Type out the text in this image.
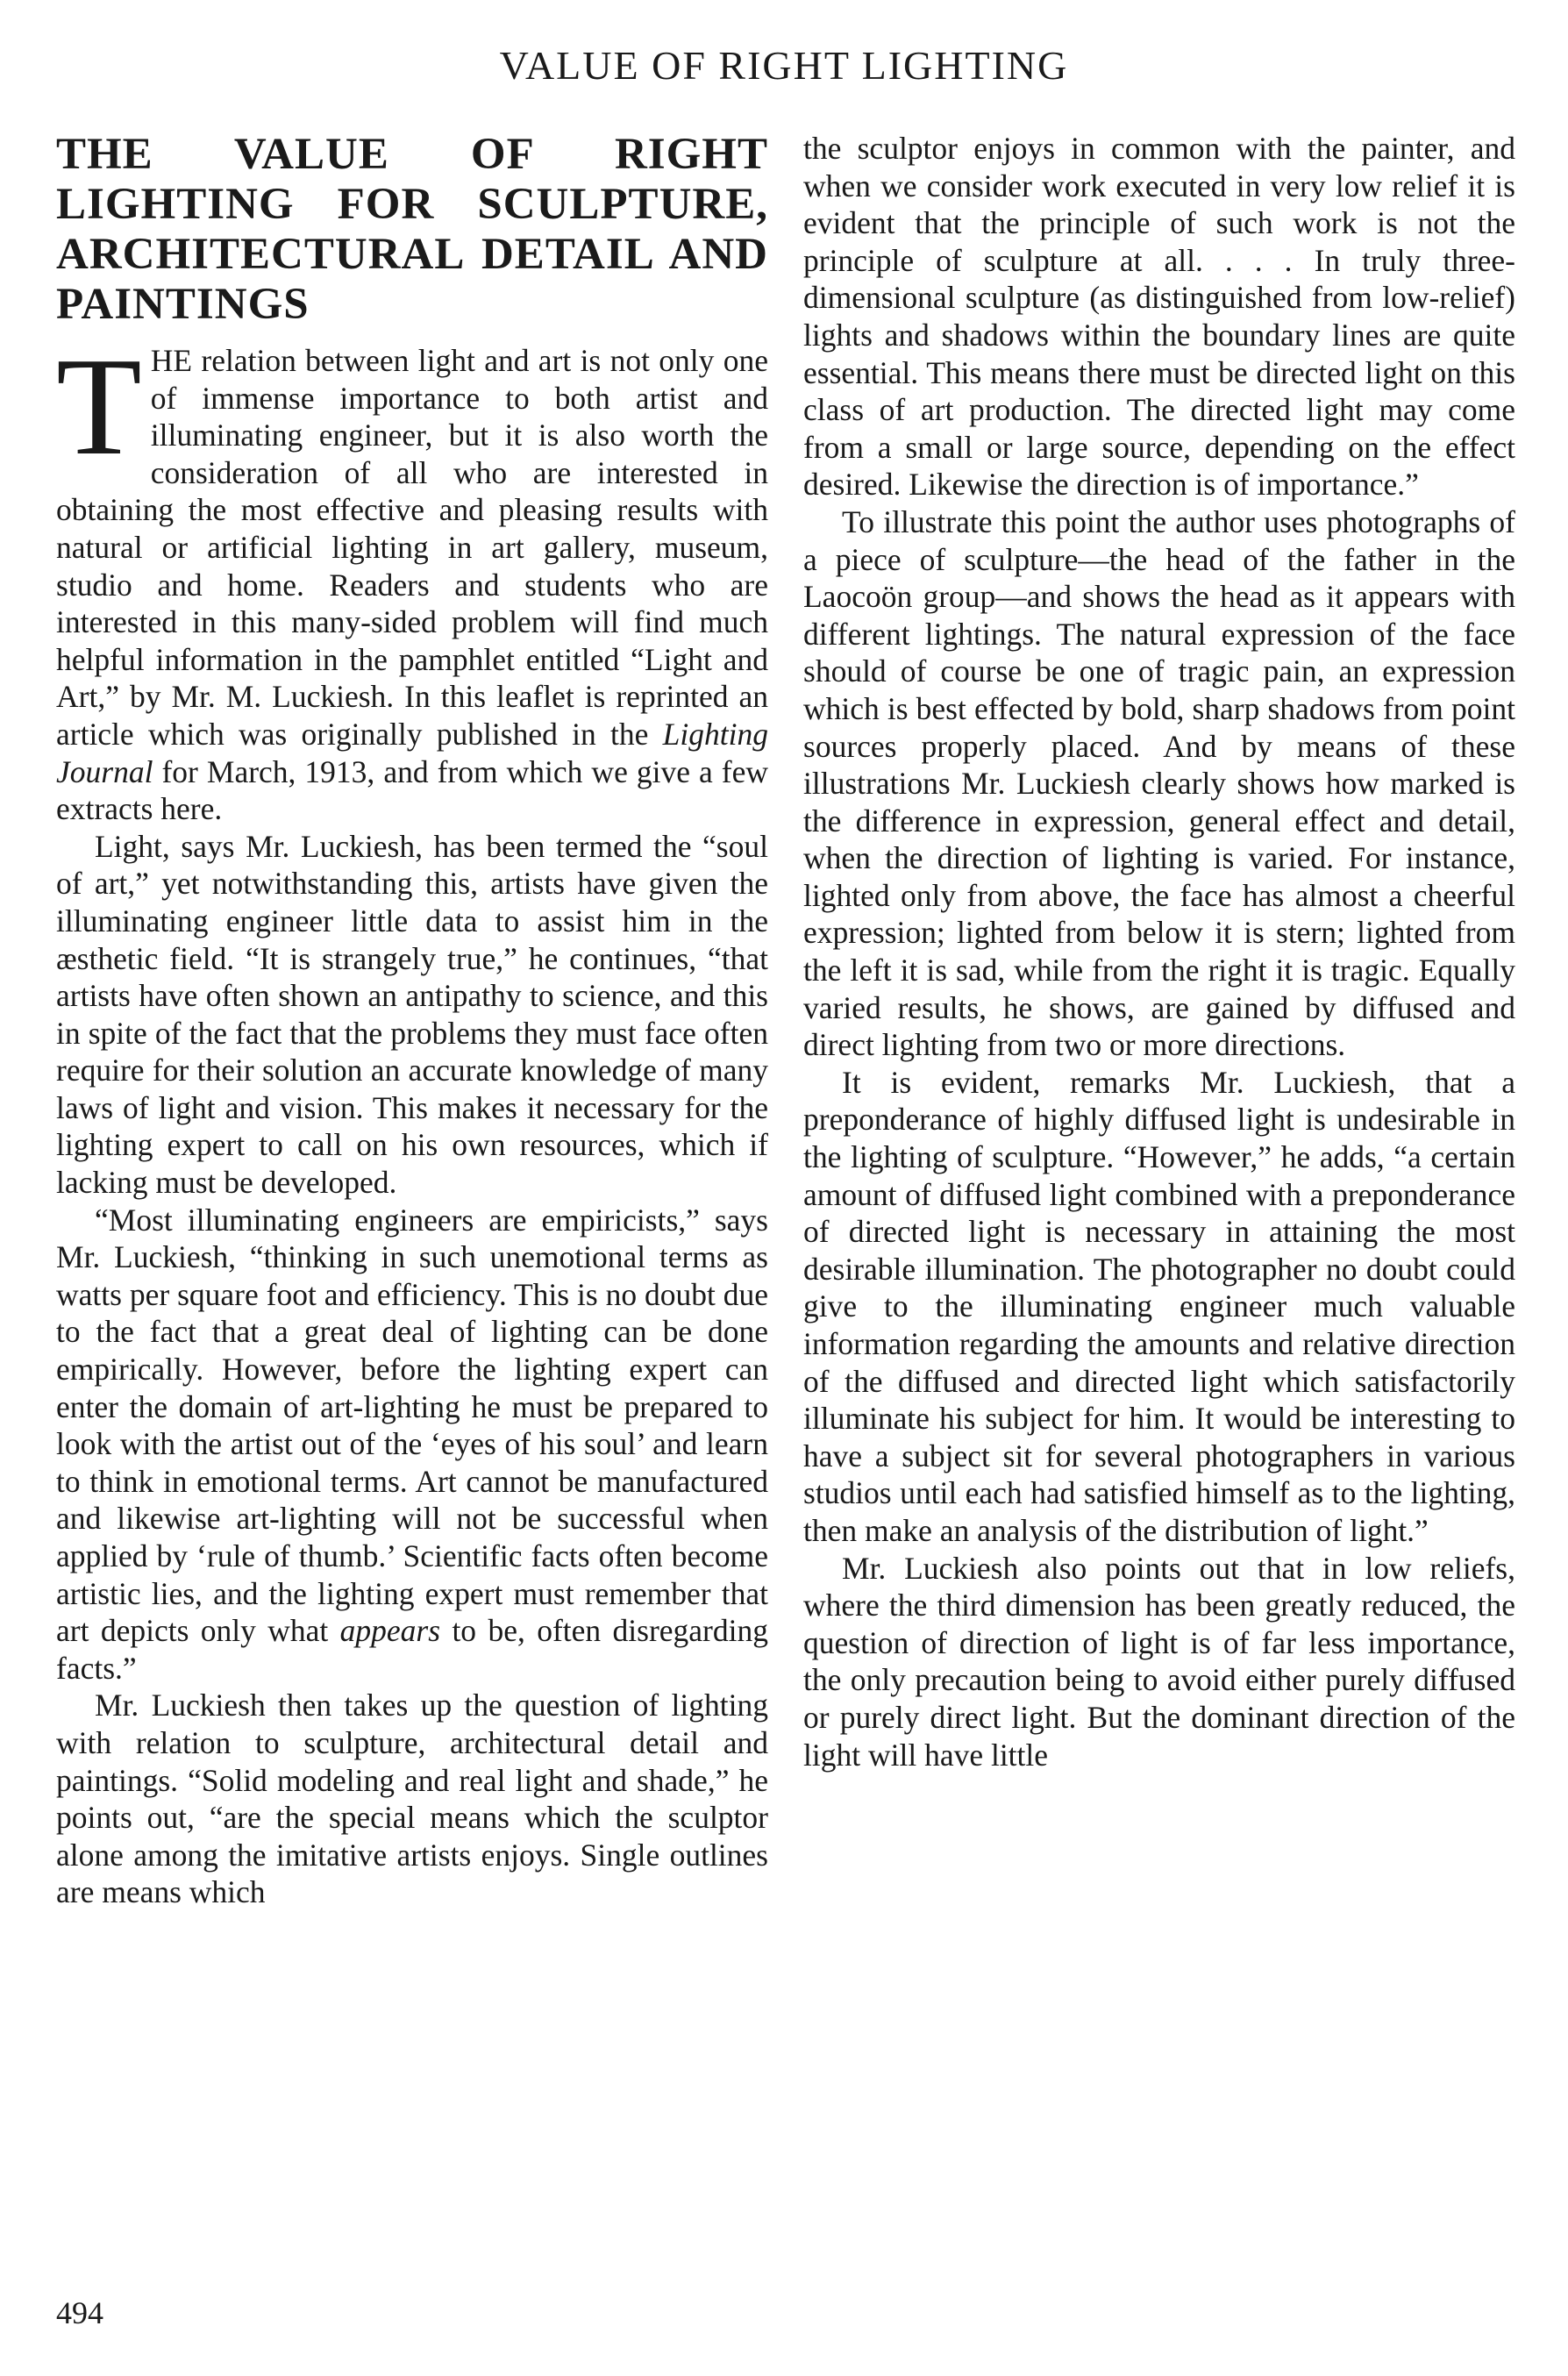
VALUE OF RIGHT LIGHTING
THE VALUE OF RIGHT LIGHTING FOR SCULPTURE, ARCHITECTURAL DETAIL AND PAINTINGS

THE relation between light and art is not only one of immense importance to both artist and illuminating engineer, but it is also worth the consideration of all who are interested in obtaining the most effective and pleasing results with natural or artificial lighting in art gallery, museum, studio and home. Readers and students who are interested in this many-sided problem will find much helpful information in the pamphlet entitled “Light and Art,” by Mr. M. Luckiesh. In this leaflet is reprinted an article which was originally published in the Lighting Journal for March, 1913, and from which we give a few extracts here.

Light, says Mr. Luckiesh, has been termed the “soul of art,” yet notwithstanding this, artists have given the illuminating engineer little data to assist him in the æsthetic field. “It is strangely true,” he continues, “that artists have often shown an antipathy to science, and this in spite of the fact that the problems they must face often require for their solution an accurate knowledge of many laws of light and vision. This makes it necessary for the lighting expert to call on his own resources, which if lacking must be developed.

“Most illuminating engineers are empiricists,” says Mr. Luckiesh, “thinking in such unemotional terms as watts per square foot and efficiency. This is no doubt due to the fact that a great deal of lighting can be done empirically. However, before the lighting expert can enter the domain of art-lighting he must be prepared to look with the artist out of the ‘eyes of his soul’ and learn to think in emotional terms. Art cannot be manufactured and likewise art-lighting will not be successful when applied by ‘rule of thumb.’ Scientific facts often become artistic lies, and the lighting expert must remember that art depicts only what appears to be, often disregarding facts.”

Mr. Luckiesh then takes up the question of lighting with relation to sculpture, architectural detail and paintings. “Solid modeling and real light and shade,” he points out, “are the special means which the sculptor alone among the imitative artists enjoys. Single outlines are means which

the sculptor enjoys in common with the painter, and when we consider work executed in very low relief it is evident that the principle of such work is not the principle of sculpture at all. . . . In truly three-dimensional sculpture (as distinguished from low-relief) lights and shadows within the boundary lines are quite essential. This means there must be directed light on this class of art production. The directed light may come from a small or large source, depending on the effect desired. Likewise the direction is of importance.”

To illustrate this point the author uses photographs of a piece of sculpture—the head of the father in the Laocoön group—and shows the head as it appears with different lightings. The natural expression of the face should of course be one of tragic pain, an expression which is best effected by bold, sharp shadows from point sources properly placed. And by means of these illustrations Mr. Luckiesh clearly shows how marked is the difference in expression, general effect and detail, when the direction of lighting is varied. For instance, lighted only from above, the face has almost a cheerful expression; lighted from below it is stern; lighted from the left it is sad, while from the right it is tragic. Equally varied results, he shows, are gained by diffused and direct lighting from two or more directions.

It is evident, remarks Mr. Luckiesh, that a preponderance of highly diffused light is undesirable in the lighting of sculpture. “However,” he adds, “a certain amount of diffused light combined with a preponderance of directed light is necessary in attaining the most desirable illumination. The photographer no doubt could give to the illuminating engineer much valuable information regarding the amounts and relative direction of the diffused and directed light which satisfactorily illuminate his subject for him. It would be interesting to have a subject sit for several photographers in various studios until each had satisfied himself as to the lighting, then make an analysis of the distribution of light.”

Mr. Luckiesh also points out that in low reliefs, where the third dimension has been greatly reduced, the question of direction of light is of far less importance, the only precaution being to avoid either purely diffused or purely direct light. But the dominant direction of the light will have little

494
